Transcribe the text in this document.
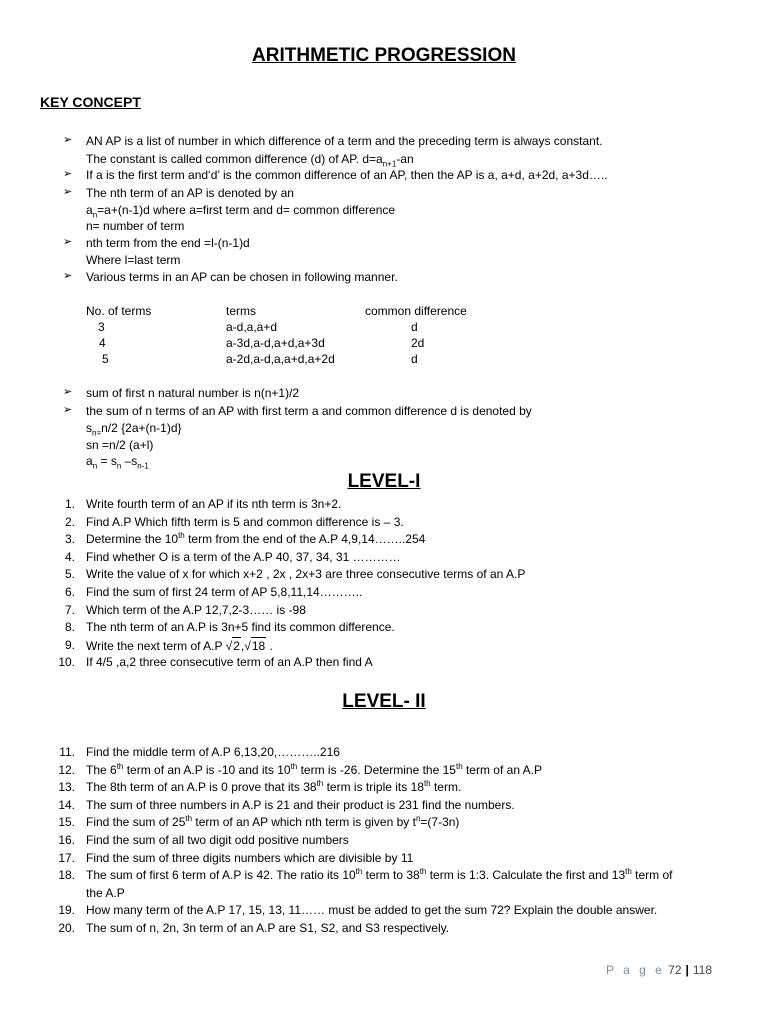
ARITHMETIC PROGRESSION
KEY CONCEPT
➢ AN AP is a list of number in which difference of a term and the preceding term is always constant.
The constant is called common difference (d) of AP. $d=a_{n+1}-an$
➢ If a is the first term and‘d’ is the common difference of an AP, then the AP is a, a+d, a+2d, a+3d…..
➢ The nth term of an AP is denoted by an
$a_n=a+(n-1)d$ where a=first term and d= common difference
n= number of term
➢ nth term from the end =l-(n-1)d
Where l=last term
➢ Various terms in an AP can be chosen in following manner.
No. of terms	terms	common difference
3	a-d,a,a+d	d
4	a-3d,a-d,a+d,a+3d	2d
5	a-2d,a-d,a,a+d,a+2d	d
➢ sum of first n natural number is n(n+1)/2
➢ the sum of n terms of an AP with first term a and common difference d is denoted by
$s_{n=}n/2$ {2a+(n-1)d}
sn =n/2 (a+l)
$a_n = s_n$ $-s_{n-1}$
LEVEL-I
1. Write fourth term of an AP if its nth term is 3n+2.
2. Find A.P Which fifth term is 5 and common difference is – 3.
3. Determine the 10th term from the end of the A.P 4,9,14……..254
4. Find whether O is a term of the A.P 40, 37, 34, 31 …………
5. Write the value of x for which x+2 , 2x , 2x+3 are three consecutive terms of an A.P
6. Find the sum of first 24 term of AP 5,8,11,14………..
7. Which term of the A.P 12,7,2-3…… is -98
8. The nth term of an A.P is 3n+5 find its common difference.
9. Write the next term of A.P √2,√18 .
10. If 4/5 ,a,2 three consecutive term of an A.P then find A
LEVEL- II
11. Find the middle term of A.P 6,13,20,………..216
12. The 6th term of an A.P is -10 and its 10th term is -26. Determine the 15th term of an A.P
13. The 8th term of an A.P is 0 prove that its 38th term is triple its 18th term.
14. The sum of three numbers in A.P is 21 and their product is 231 find the numbers.
15. Find the sum of 25th term of an AP which nth term is given by $t^n=(7-3n)$
16. Find the sum of all two digit odd positive numbers
17. Find the sum of three digits numbers which are divisible by 11
18. The sum of first 6 term of A.P is 42. The ratio its 10th term to 38th term is 1:3. Calculate the first and 13th term of
the A.P
19. How many term of the A.P 17, 15, 13, 11…… must be added to get the sum 72? Explain the double answer.
20. The sum of n, 2n, 3n term of an A.P are S1, S2, and S3 respectively.
P a g e 72 | 118
